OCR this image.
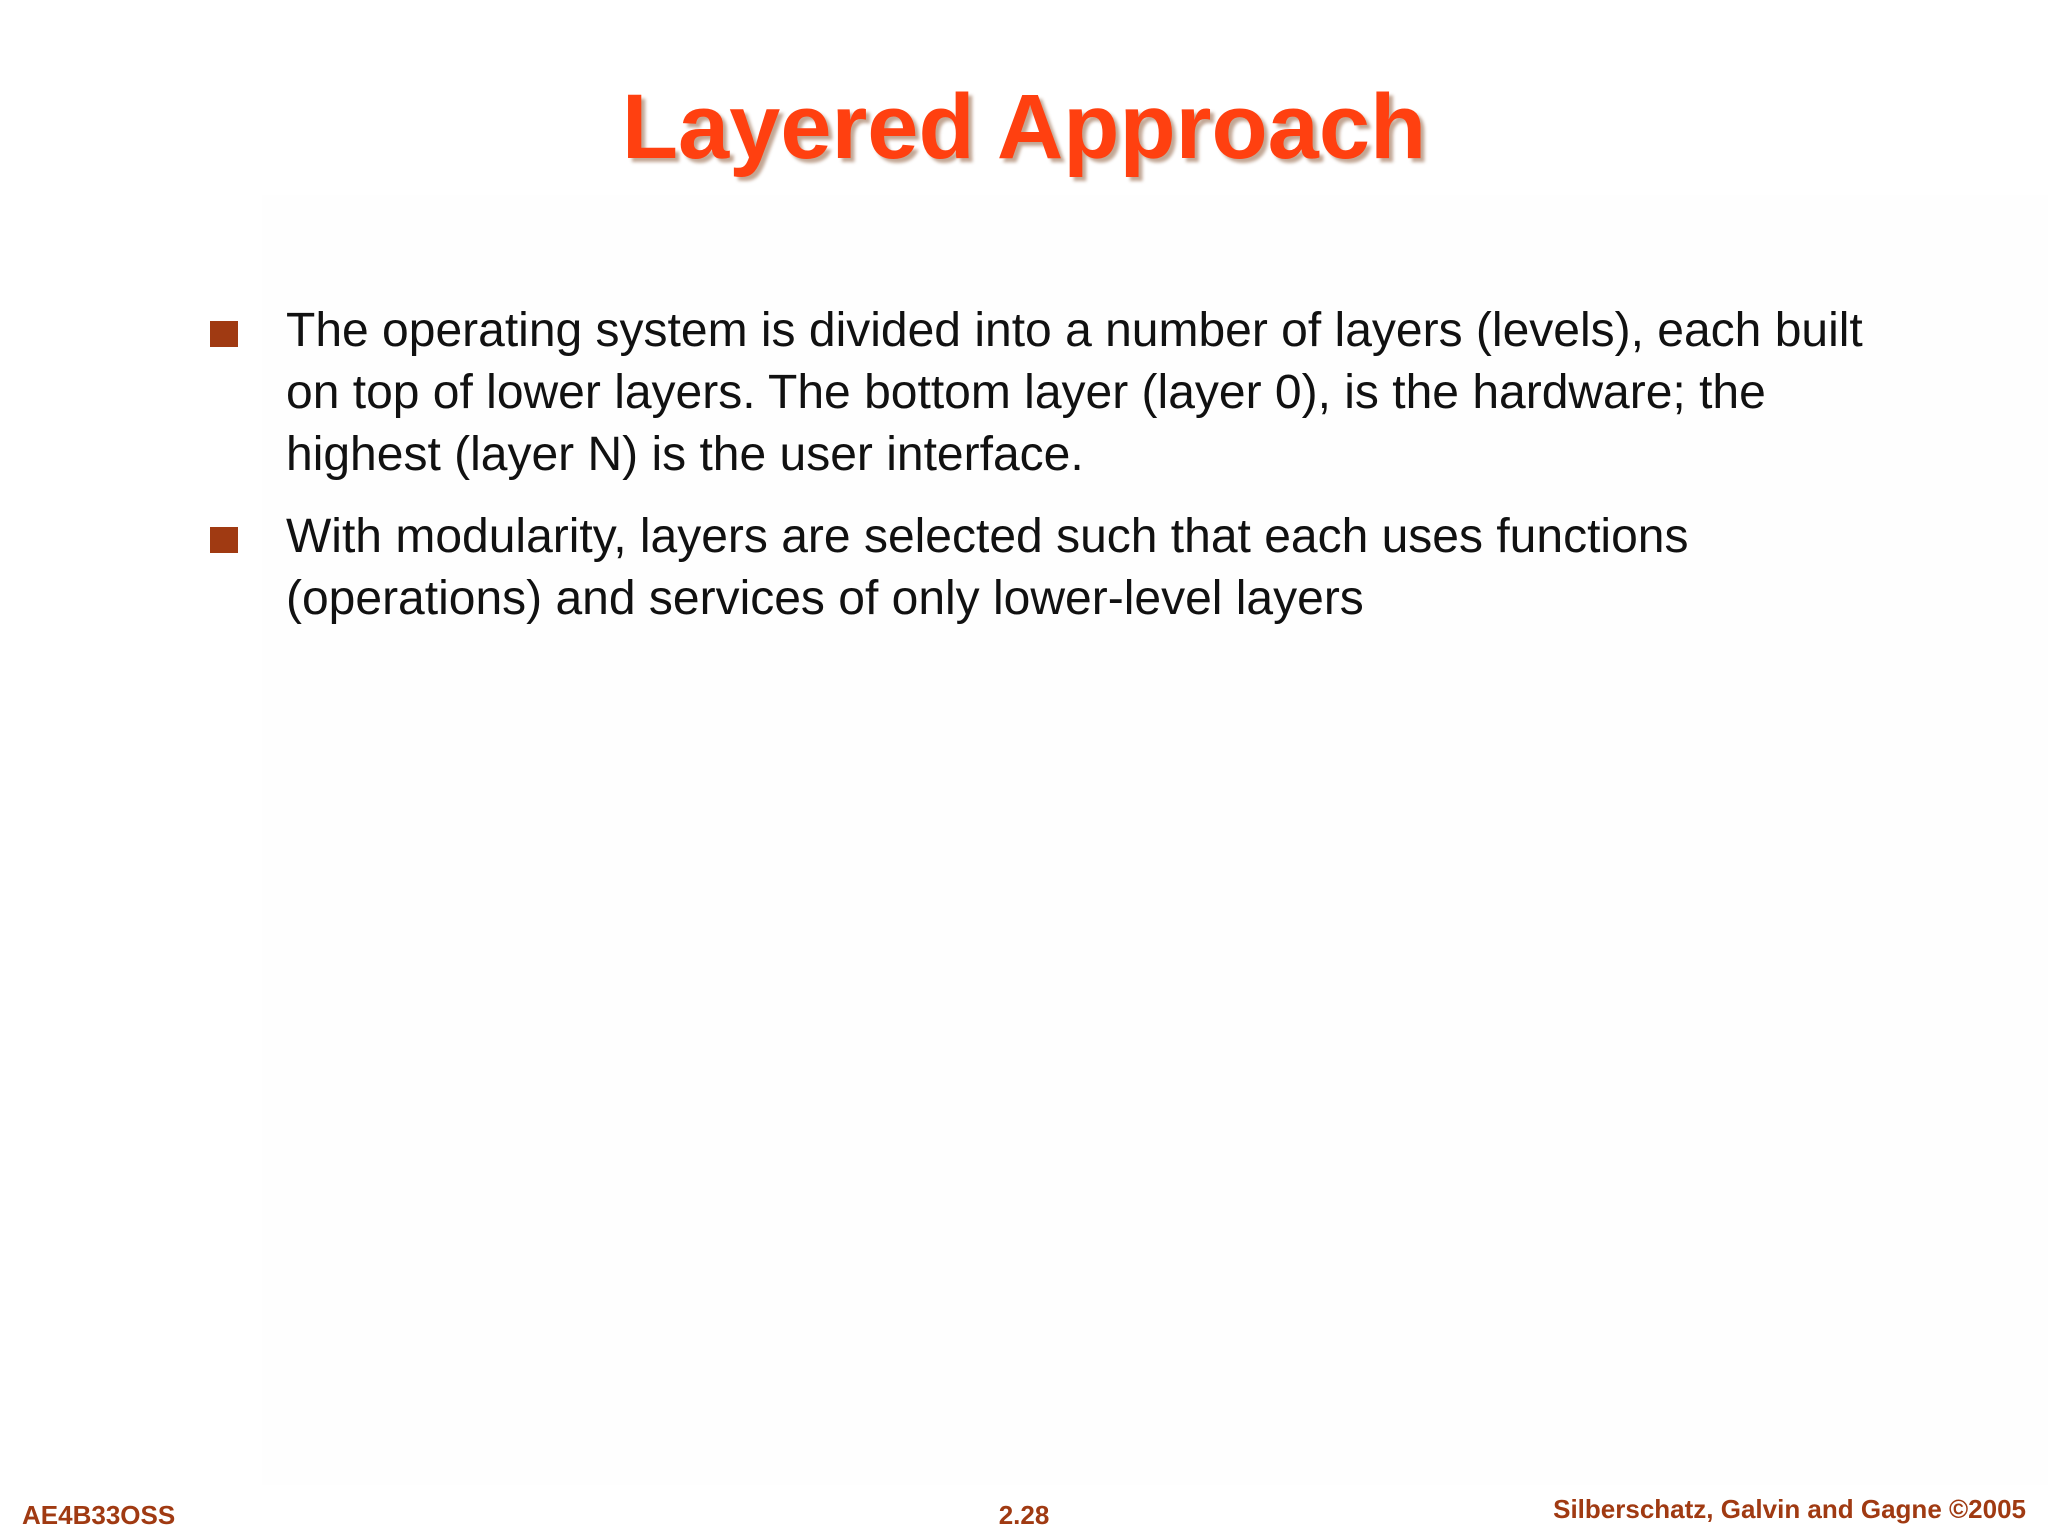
Layered Approach
The operating system is divided into a number of layers (levels), each built on top of lower layers. The bottom layer (layer 0), is the hardware; the highest (layer N) is the user interface.
With modularity, layers are selected such that each uses functions (operations) and services of only lower-level layers
AE4B33OSS	2.28	Silberschatz, Galvin and Gagne ©2005
